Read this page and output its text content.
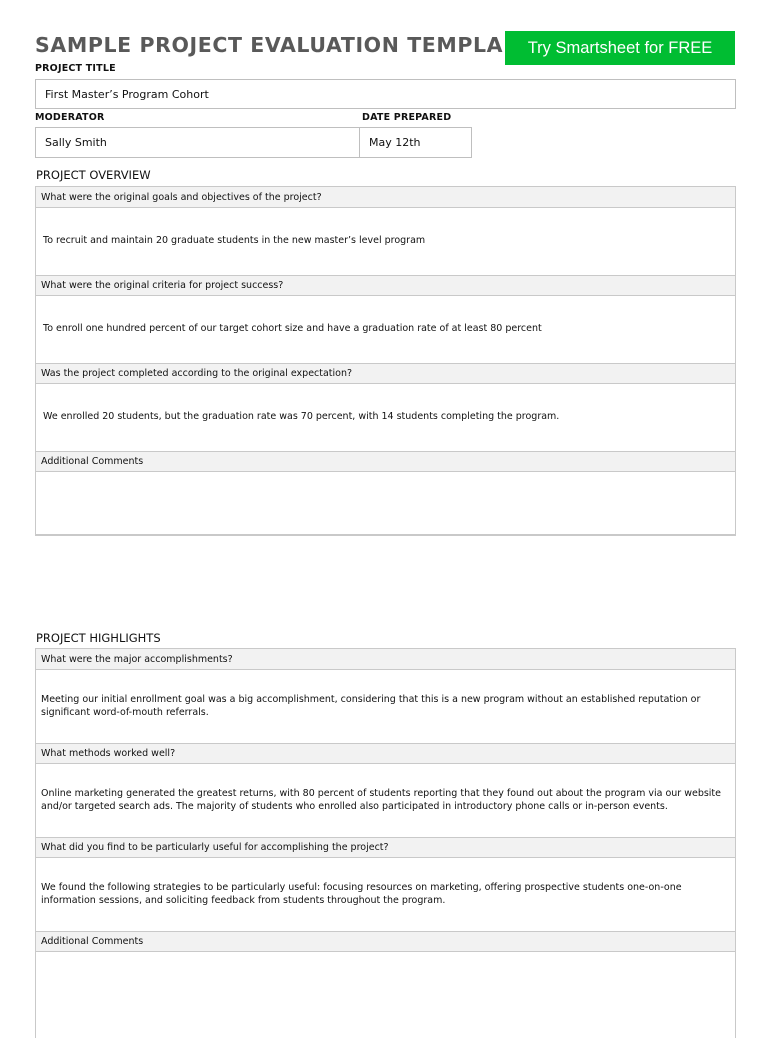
SAMPLE PROJECT EVALUATION TEMPLA	Try Smartsheet for FREE
PROJECT TITLE
First Master’s Program Cohort
MODERATOR	DATE PREPARED
Sally Smith	May 12th
PROJECT OVERVIEW
What were the original goals and objectives of the project?
To recruit and maintain 20 graduate students in the new master’s level program
What were the original criteria for project success?
To enroll one hundred percent of our target cohort size and have a graduation rate of at least 80 percent
Was the project completed according to the original expectation?
We enrolled 20 students, but the graduation rate was 70 percent, with 14 students completing the program.
Additional Comments
PROJECT HIGHLIGHTS
What were the major accomplishments?
Meeting our initial enrollment goal was a big accomplishment, considering that this is a new program without an established reputation or significant word-of-mouth referrals.
What methods worked well?
Online marketing generated the greatest returns, with 80 percent of students reporting that they found out about the program via our website and/or targeted search ads. The majority of students who enrolled also participated in introductory phone calls or in-person events.
What did you find to be particularly useful for accomplishing the project?
We found the following strategies to be particularly useful: focusing resources on marketing, offering prospective students one-on-one information sessions, and soliciting feedback from students throughout the program.
Additional Comments
